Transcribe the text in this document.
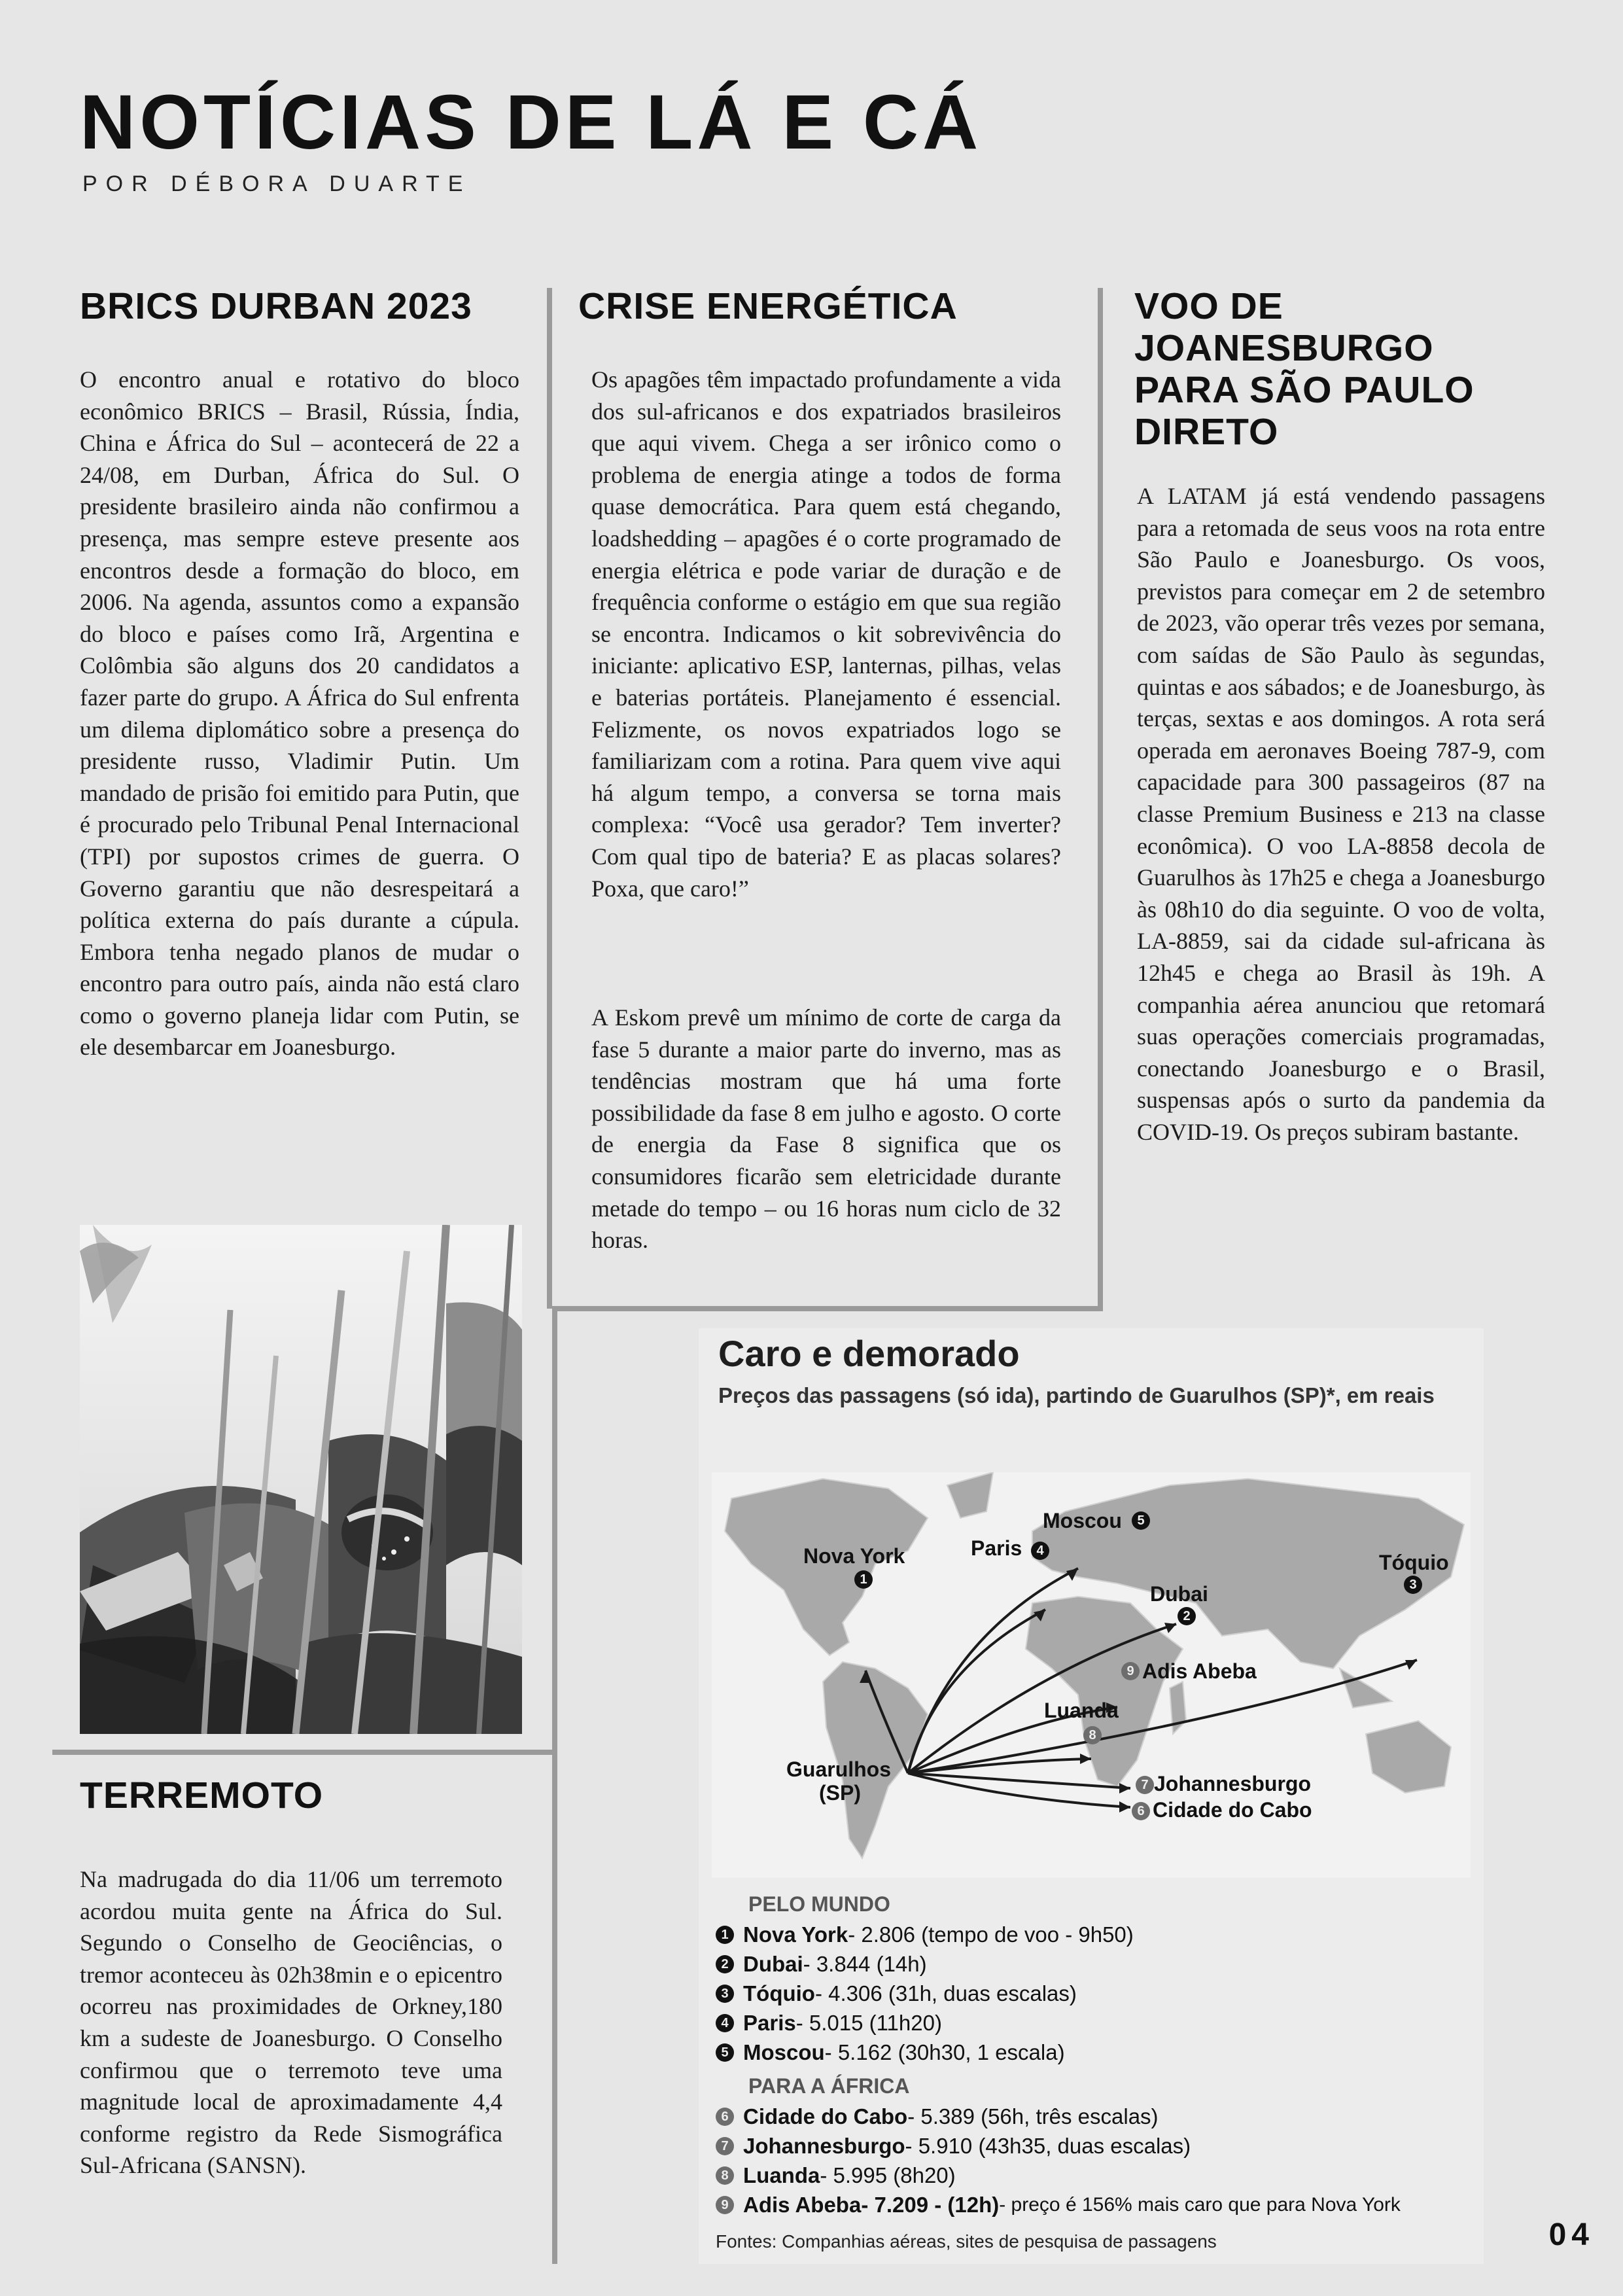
NOTÍCIAS DE LÁ E CÁ
POR DÉBORA DUARTE
BRICS DURBAN 2023
O encontro anual e rotativo do bloco econômico BRICS – Brasil, Rússia, Índia, China e África do Sul – acontecerá de 22 a 24/08, em Durban, África do Sul. O presidente brasileiro ainda não confirmou a presença, mas sempre esteve presente aos encontros desde a formação do bloco, em 2006. Na agenda, assuntos como a expansão do bloco e países como Irã, Argentina e Colômbia são alguns dos 20 candidatos a fazer parte do grupo. A África do Sul enfrenta um dilema diplomático sobre a presença do presidente russo, Vladimir Putin. Um mandado de prisão foi emitido para Putin, que é procurado pelo Tribunal Penal Internacional (TPI) por supostos crimes de guerra. O Governo garantiu que não desrespeitará a política externa do país durante a cúpula. Embora tenha negado planos de mudar o encontro para outro país, ainda não está claro como o governo planeja lidar com Putin, se ele desembarcar em Joanesburgo.
TERREMOTO
Na madrugada do dia 11/06 um terremoto acordou muita gente na África do Sul. Segundo o Conselho de Geociências, o tremor aconteceu às 02h38min e o epicentro ocorreu nas proximidades de Orkney,180 km a sudeste de Joanesburgo. O Conselho confirmou que o terremoto teve uma magnitude local de aproximadamente 4,4 conforme registro da Rede Sismográfica Sul-Africana (SANSN).
CRISE ENERGÉTICA
Os apagões têm impactado profundamente a vida dos sul-africanos e dos expatriados brasileiros que aqui vivem. Chega a ser irônico como o problema de energia atinge a todos de forma quase democrática. Para quem está chegando, loadshedding – apagões é o corte programado de energia elétrica e pode variar de duração e de frequência conforme o estágio em que sua região se encontra. Indicamos o kit sobrevivência do iniciante: aplicativo ESP, lanternas, pilhas, velas e baterias portáteis. Planejamento é essencial. Felizmente, os novos expatriados logo se familiarizam com a rotina. Para quem vive aqui há algum tempo, a conversa se torna mais complexa: “Você usa gerador? Tem inverter? Com qual tipo de bateria? E as placas solares? Poxa, que caro!”
A Eskom prevê um mínimo de corte de carga da fase 5 durante a maior parte do inverno, mas as tendências mostram que há uma forte possibilidade da fase 8 em julho e agosto. O corte de energia da Fase 8 significa que os consumidores ficarão sem eletricidade durante metade do tempo – ou 16 horas num ciclo de 32 horas.
VOO DE JOANESBURGO PARA SÃO PAULO DIRETO
A LATAM já está vendendo passagens para a retomada de seus voos na rota entre São Paulo e Joanesburgo. Os voos, previstos para começar em 2 de setembro de 2023, vão operar três vezes por semana, com saídas de São Paulo às segundas, quintas e aos sábados; e de Joanesburgo, às terças, sextas e aos domingos. A rota será operada em aeronaves Boeing 787-9, com capacidade para 300 passageiros (87 na classe Premium Business e 213 na classe econômica). O voo LA-8858 decola de Guarulhos às 17h25 e chega a Joanesburgo às 08h10 do dia seguinte. O voo de volta, LA-8859, sai da cidade sul-africana às 12h45 e chega ao Brasil às 19h. A companhia aérea anunciou que retomará suas operações comerciais programadas, conectando Joanesburgo e o Brasil, suspensas após o surto da pandemia da COVID-19. Os preços subiram bastante.
Caro e demorado
Preços das passagens (só ida), partindo de Guarulhos (SP)*, em reais
Nova York
1
Paris	4
Moscou	5
Tóquio
3
Dubai
2
9 Adis Abeba
Luanda
8
Guarulhos
(SP)	7 Johannesburgo
6 Cidade do Cabo
PELO MUNDO
1 Nova York - 2.806 (tempo de voo - 9h50)
2 Dubai - 3.844 (14h)
3 Tóquio - 4.306 (31h, duas escalas)
4 Paris - 5.015 (11h20)
5 Moscou - 5.162 (30h30, 1 escala)
PARA A ÁFRICA
6 Cidade do Cabo - 5.389 (56h, três escalas)
7 Johannesburgo - 5.910 (43h35, duas escalas)
8 Luanda - 5.995 (8h20)
9 Adis Abeba - 7.209 - (12h) - preço é 156% mais caro que para Nova York
Fontes: Companhias aéreas, sites de pesquisa de passagens	04
